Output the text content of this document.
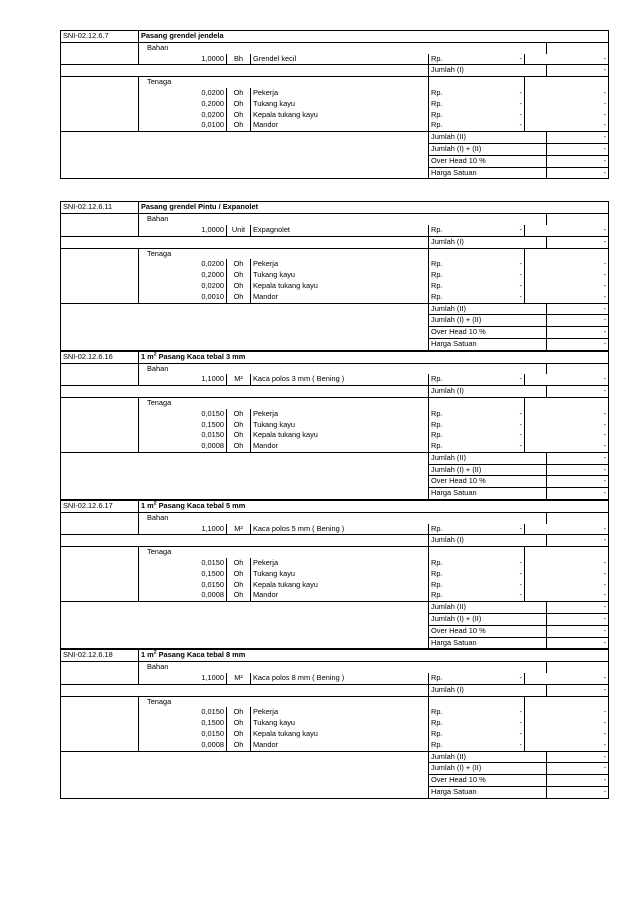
SNI-02.12.6.7	Pasang grendel jendela							
	Bahan							
		1,0000	Bh	Grendel kecil	Rp.	-		-
					Jumlah (I)			-
	Tenaga							
		0,0200	Oh	Pekerja	Rp.	-		-
		0,2000	Oh	Tukang kayu	Rp.	-		-
		0,0200	Oh	Kepala tukang kayu	Rp.	-		-
		0,0100	Oh	Mandor	Rp.	-		-
					Jumlah (II)			-
					Jumlah (I) + (II)			-
					Over Head 10 %			-
					Harga Satuan			-
SNI-02.12.6.11	Pasang grendel Pintu / Expanolet							
	Bahan							
		1,0000	Unit	Expagnolet	Rp.	-		-
					Jumlah (I)			-
	Tenaga							
		0,0200	Oh	Pekerja	Rp.	-		-
		0,2000	Oh	Tukang kayu	Rp.	-		-
		0,0200	Oh	Kepala tukang kayu	Rp.	-		-
		0,0010	Oh	Mandor	Rp.	-		-
					Jumlah (II)			-
					Jumlah (I) + (II)			-
					Over Head 10 %			-
					Harga Satuan			-
SNI-02.12.6.16	1 $m^2$ Pasang Kaca tebal 3 mm							
	Bahan							
		1,1000	M²	Kaca polos 3 mm ( Bening )	Rp.	-		-
					Jumlah (I)			-
	Tenaga							
		0,0150	Oh	Pekerja	Rp.	-		-
		0,1500	Oh	Tukang kayu	Rp.	-		-
		0,0150	Oh	Kepala tukang kayu	Rp.	-		-
		0,0008	Oh	Mandor	Rp.	-		-
					Jumlah (II)			-
					Jumlah (I) + (II)			-
					Over Head 10 %			-
					Harga Satuan			-
SNI-02.12.6.17	1 $m^2$ Pasang Kaca tebal 5 mm							
	Bahan							
		1,1000	M²	Kaca polos 5 mm ( Bening )	Rp.	-		-
					Jumlah (I)			-
	Tenaga							
		0,0150	Oh	Pekerja	Rp.	-		-
		0,1500	Oh	Tukang kayu	Rp.	-		-
		0,0150	Oh	Kepala tukang kayu	Rp.	-		-
		0,0008	Oh	Mandor	Rp.	-		-
					Jumlah (II)			-
					Jumlah (I) + (II)			-
					Over Head 10 %			-
					Harga Satuan			-
SNI-02.12.6.18	1 $m^2$ Pasang Kaca tebal 8 mm							
	Bahan							
		1,1000	M²	Kaca polos 8 mm ( Bening )	Rp.	-		-
					Jumlah (I)			-
	Tenaga							
		0,0150	Oh	Pekerja	Rp.	-		-
		0,1500	Oh	Tukang kayu	Rp.	-		-
		0,0150	Oh	Kepala tukang kayu	Rp.	-		-
		0,0008	Oh	Mandor	Rp.	-		-
					Jumlah (II)			-
					Jumlah (I) + (II)			-
					Over Head 10 %			-
					Harga Satuan			-
